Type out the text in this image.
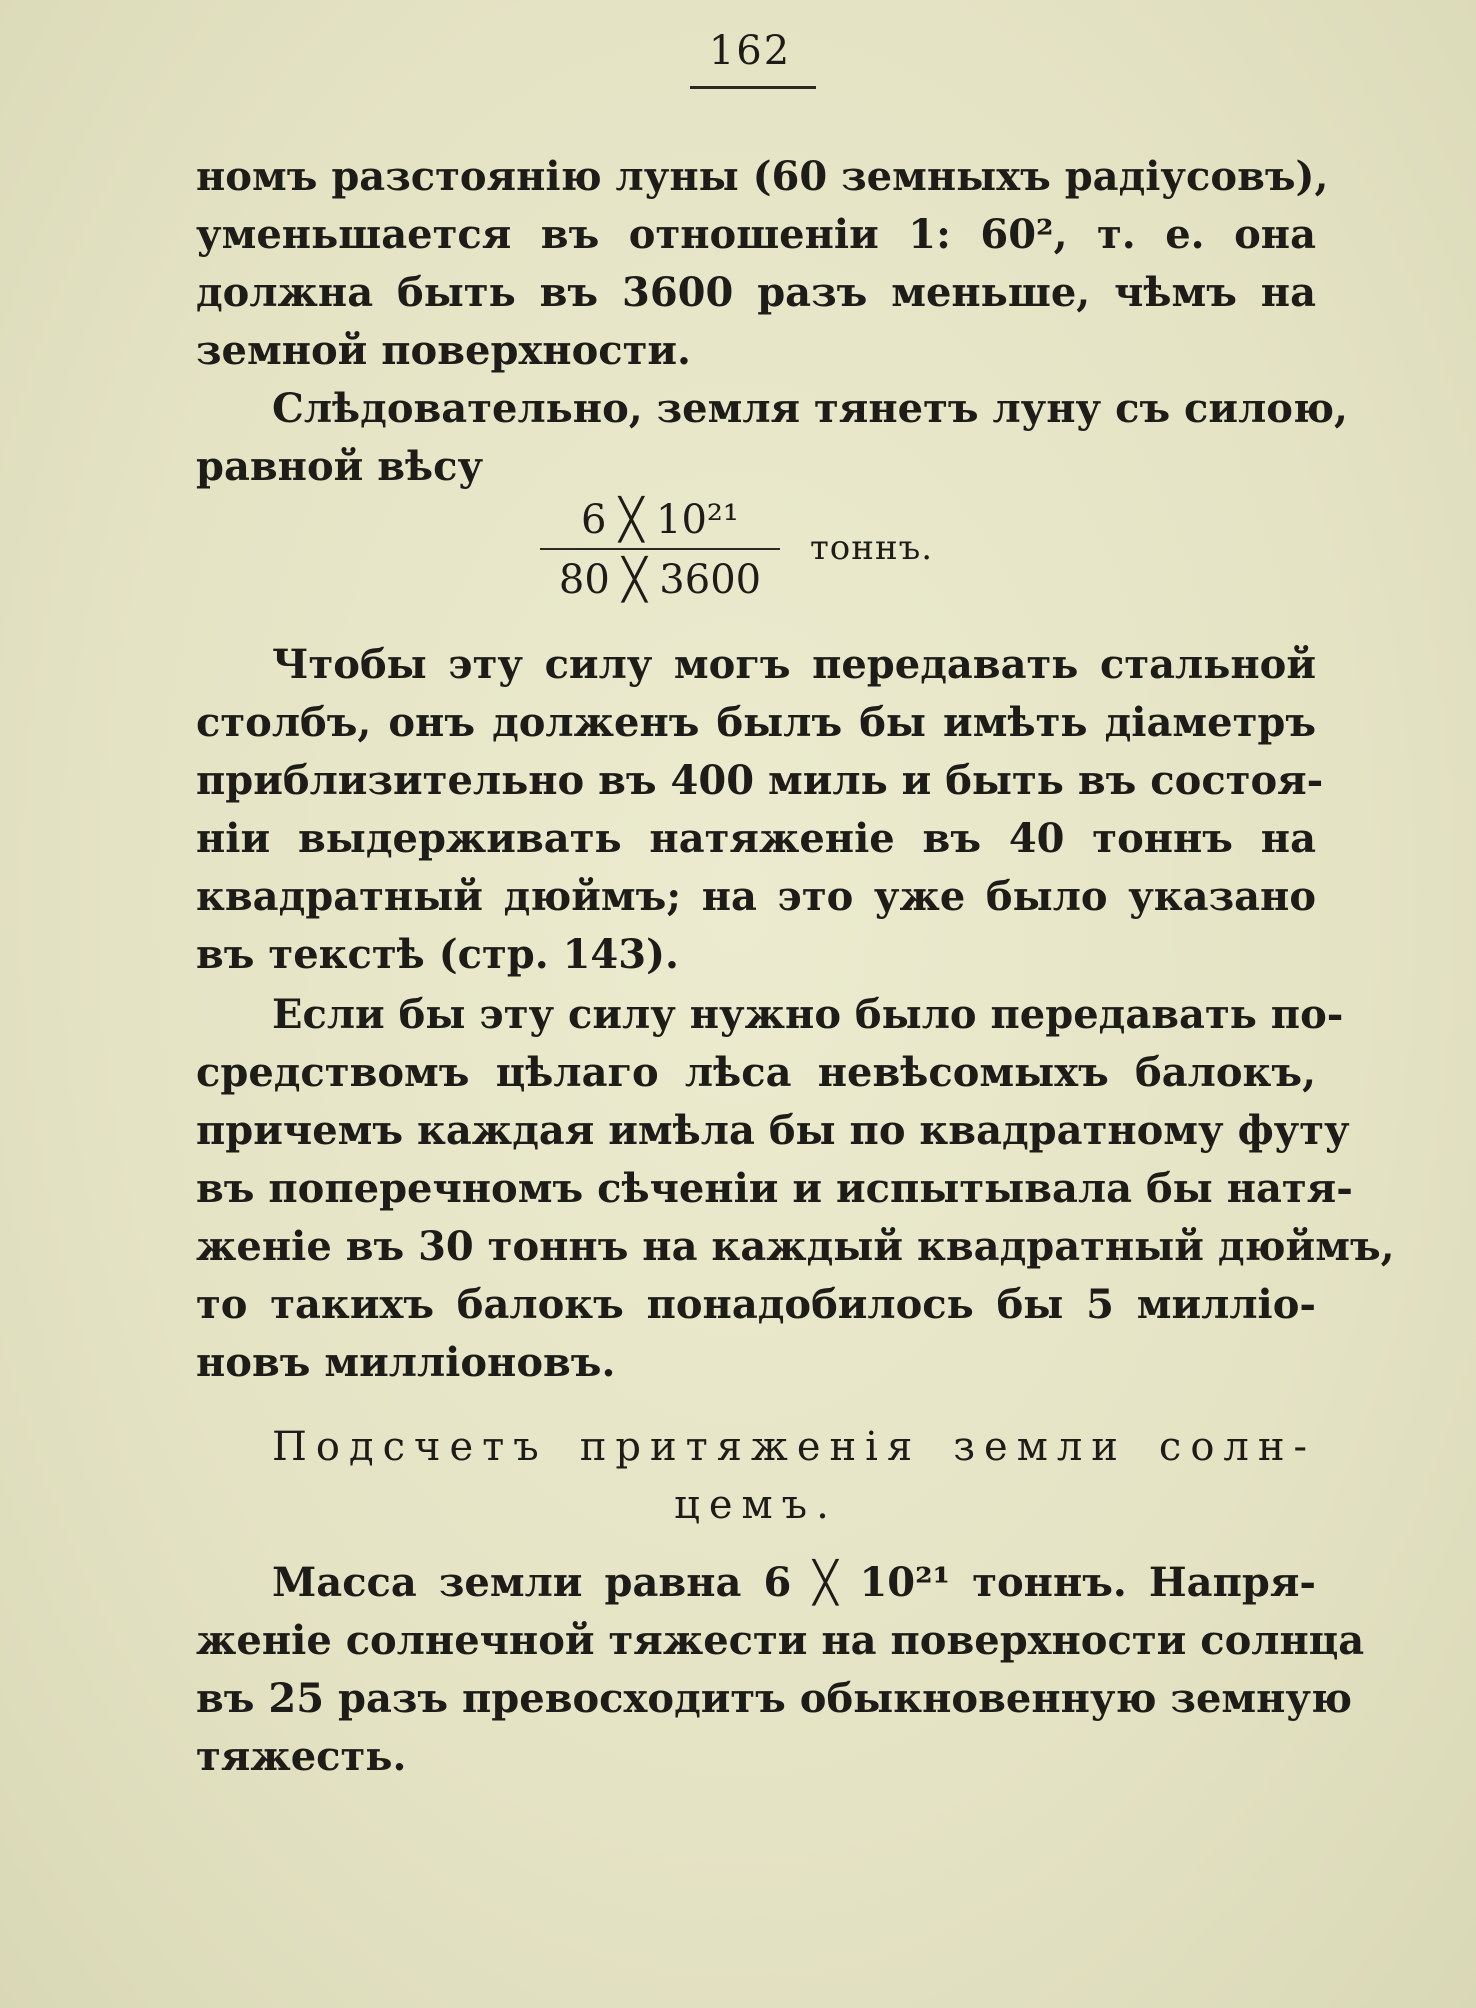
162
номъ разстоянію луны (60 земныхъ радіусовъ),
уменьшается въ отношеніи 1: 60², т. е. она
должна быть въ 3600 разъ меньше, чѣмъ на
земной поверхности.
Слѣдовательно, земля тянетъ луну съ силою,
равной вѣсу
6 ╳ 10²¹
80 ╳ 3600
тоннъ.
Чтобы эту силу могъ передавать стальной
столбъ, онъ долженъ былъ бы имѣть діаметръ
приблизительно въ 400 миль и быть въ состоя-
ніи выдерживать натяженіе въ 40 тоннъ на
квадратный дюймъ; на это уже было указано
въ текстѣ (стр. 143).
Если бы эту силу нужно было передавать по-
средствомъ цѣлаго лѣса невѣсомыхъ балокъ,
причемъ каждая имѣла бы по квадратному футу
въ поперечномъ сѣченіи и испытывала бы натя-
женіе въ 30 тоннъ на каждый квадратный дюймъ,
то такихъ балокъ понадобилось бы 5 милліо-
новъ милліоновъ.
Подсчетъ притяженія земли солн-
цемъ.
Масса земли равна 6 ╳ 10²¹ тоннъ. Напря-
женіе солнечной тяжести на поверхности солнца
въ 25 разъ превосходитъ обыкновенную земную
тяжесть.
